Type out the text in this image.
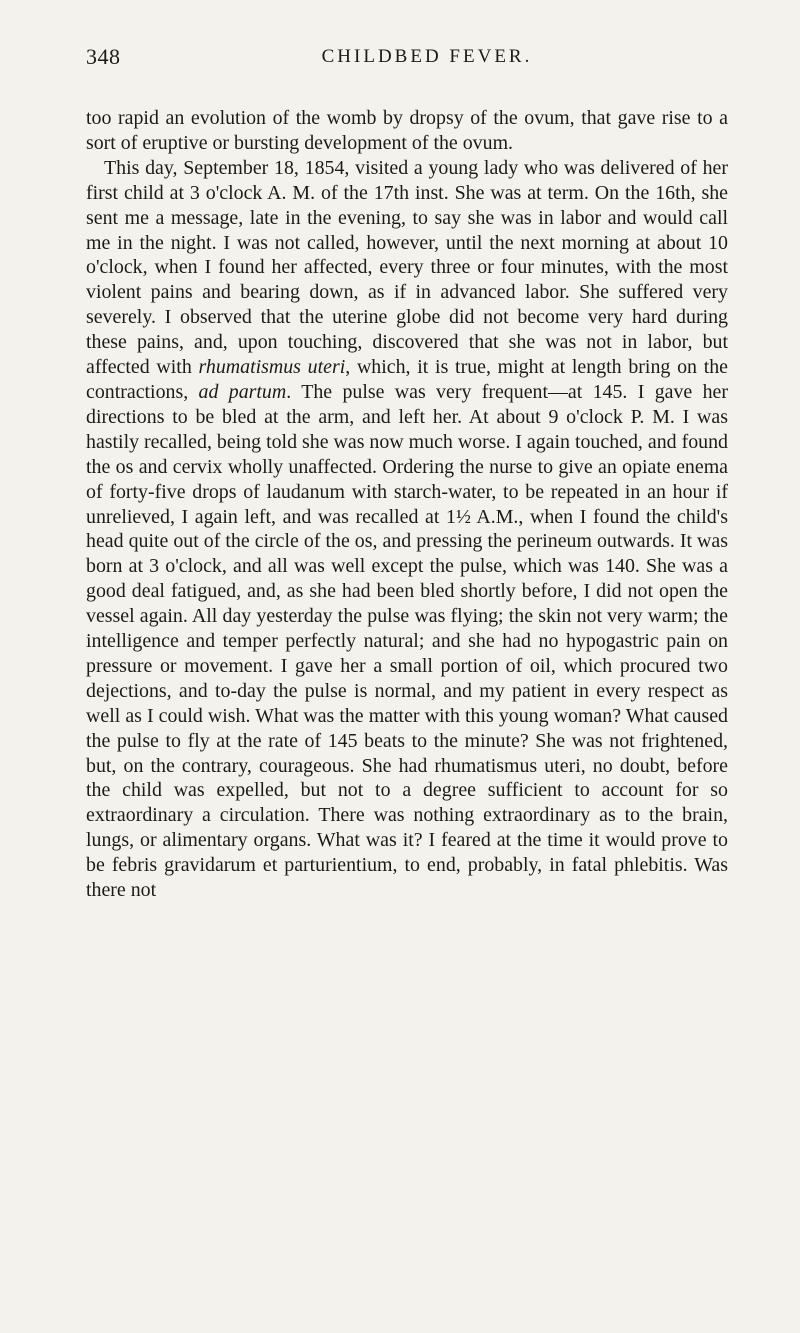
348	CHILDBED FEVER.

too rapid an evolution of the womb by dropsy of the ovum, that gave rise to a sort of eruptive or bursting development of the ovum.

This day, September 18, 1854, visited a young lady who was delivered of her first child at 3 o'clock A. M. of the 17th inst. She was at term. On the 16th, she sent me a message, late in the evening, to say she was in labor and would call me in the night. I was not called, however, until the next morning at about 10 o'clock, when I found her affected, every three or four minutes, with the most violent pains and bearing down, as if in advanced labor. She suffered very severely. I observed that the uterine globe did not become very hard during these pains, and, upon touching, discovered that she was not in labor, but affected with rhumatismus uteri, which, it is true, might at length bring on the contractions, ad partum. The pulse was very frequent—at 145. I gave her directions to be bled at the arm, and left her. At about 9 o'clock P. M. I was hastily recalled, being told she was now much worse. I again touched, and found the os and cervix wholly unaffected. Ordering the nurse to give an opiate enema of forty-five drops of laudanum with starch-water, to be repeated in an hour if unrelieved, I again left, and was recalled at 1½ A.M., when I found the child's head quite out of the circle of the os, and pressing the perineum outwards. It was born at 3 o'clock, and all was well except the pulse, which was 140. She was a good deal fatigued, and, as she had been bled shortly before, I did not open the vessel again. All day yesterday the pulse was flying; the skin not very warm; the intelligence and temper perfectly natural; and she had no hypogastric pain on pressure or movement. I gave her a small portion of oil, which procured two dejections, and to-day the pulse is normal, and my patient in every respect as well as I could wish. What was the matter with this young woman? What caused the pulse to fly at the rate of 145 beats to the minute? She was not frightened, but, on the contrary, courageous. She had rhumatismus uteri, no doubt, before the child was expelled, but not to a degree sufficient to account for so extraordinary a circulation. There was nothing extraordinary as to the brain, lungs, or alimentary organs. What was it? I feared at the time it would prove to be febris gravidarum et parturientium, to end, probably, in fatal phlebitis. Was there not
